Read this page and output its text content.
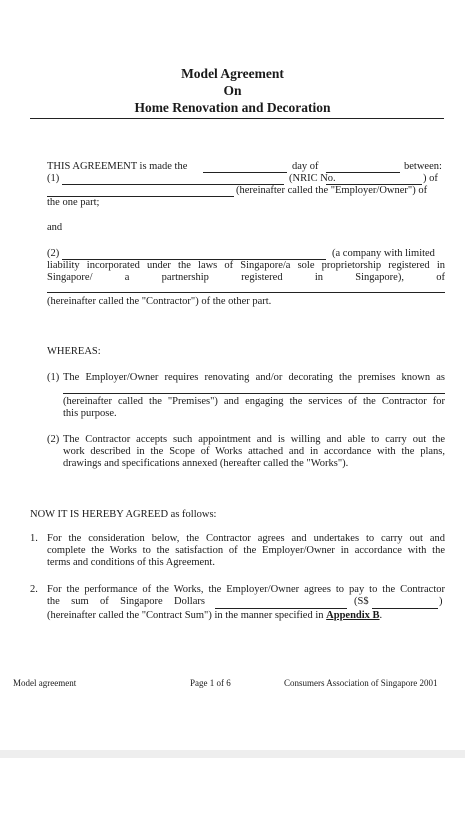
Model Agreement
On
Home Renovation and Decoration
THIS AGREEMENT is made the	day of	between:
(1)	(NRIC No.	) of
(hereinafter called the "Employer/Owner") of
the one part;
and
(2)	(a company with limited
liability incorporated under the laws of Singapore/a sole proprietorship registered in
Singapore/	a	partnership	registered	in	Singapore),	of
(hereinafter called the "Contractor") of the other part.
WHEREAS:
(1) The Employer/Owner requires renovating and/or decorating the premises known as
(hereinafter called the "Premises") and engaging the services of the Contractor for
this purpose.
(2) The Contractor accepts such appointment and is willing and able to carry out the
work described in the Scope of Works attached and in accordance with the plans,
drawings and specifications annexed (hereafter called the "Works").
NOW IT IS HEREBY AGREED as follows:
1. For the consideration below, the Contractor agrees and undertakes to carry out and
complete the Works to the satisfaction of the Employer/Owner in accordance with the
terms and conditions of this Agreement.
2. For the performance of the Works, the Employer/Owner agrees to pay to the Contractor
the sum of Singapore Dollars	(S$	)
(hereinafter called the "Contract Sum") in the manner specified in Appendix B.
Model agreement	Page 1 of 6	Consumers Association of Singapore 2001
